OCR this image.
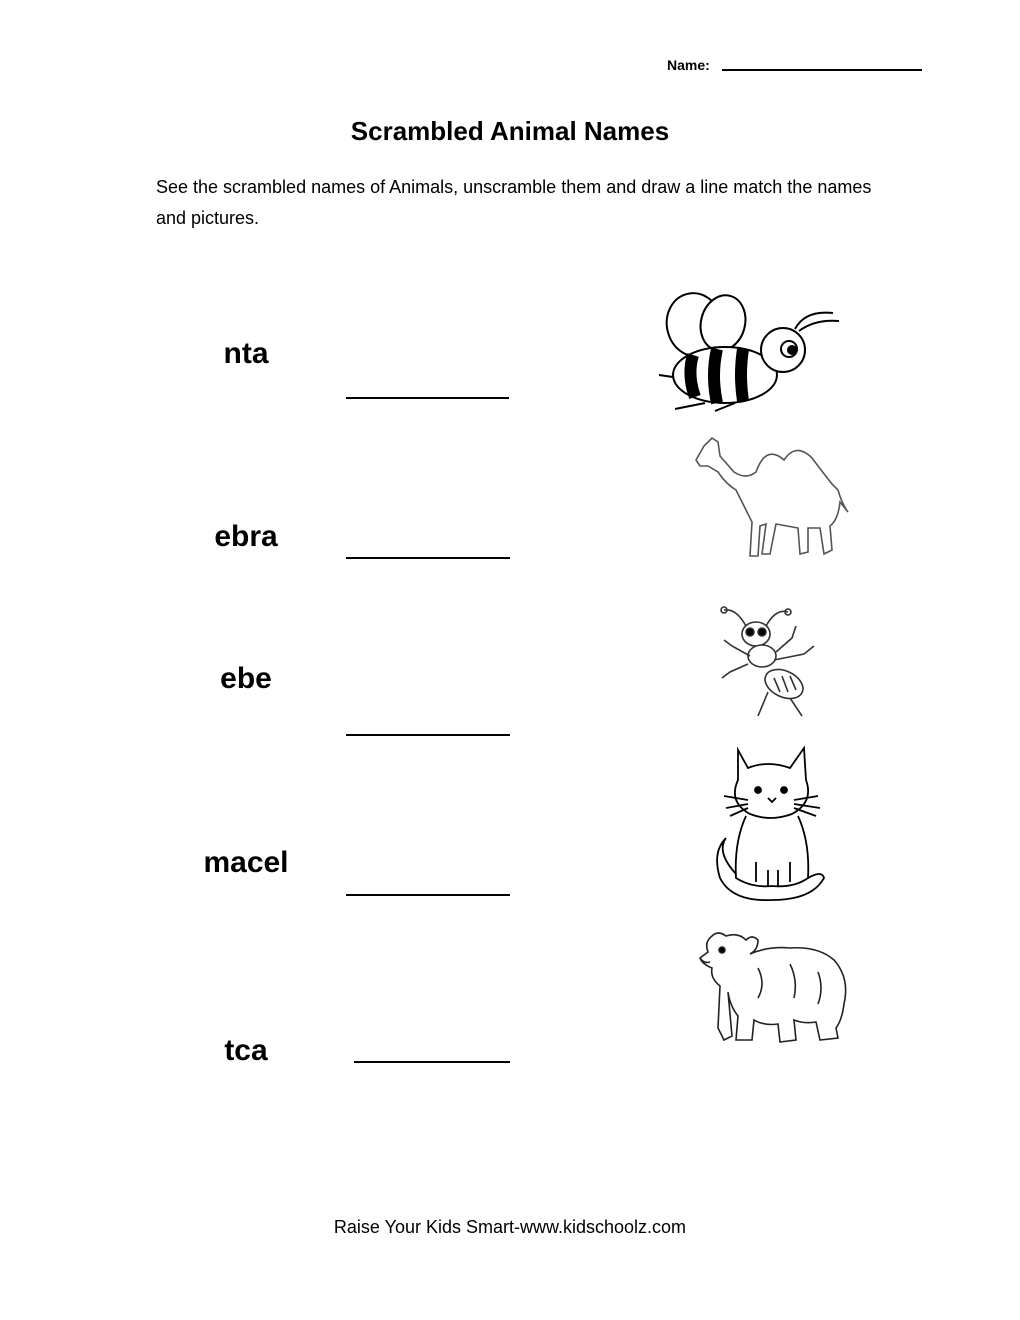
Name:
Scrambled Animal Names
See the scrambled names of Animals, unscramble them and draw a line match the names and pictures.
nta
ebra
ebe
macel
tca
Raise Your Kids Smart-www.kidschoolz.com
